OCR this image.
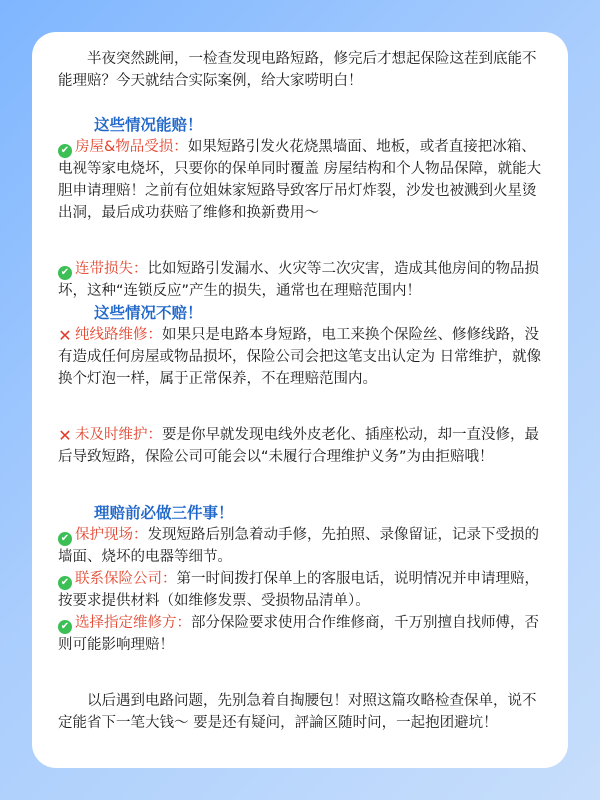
半夜突然跳闸，一检查发现电路短路，修完后才想起保险这茬到底能不能理赔？今天就结合实际案例，给大家唠明白！

这些情况能赔！

✔ 房屋&物品受损：如果短路引发火花烧黑墙面、地板，或者直接把冰箱、电视等家电烧坏，只要你的保单同时覆盖 房屋结构和个人物品保障，就能大胆申请理赔！之前有位姐妹家短路导致客厅吊灯炸裂，沙发也被溅到火星烫出洞，最后成功获赔了维修和换新费用～

✔ 连带损失：比如短路引发漏水、火灾等二次灾害，造成其他房间的物品损坏，这种“连锁反应”产生的损失，通常也在理赔范围内！

这些情况不赔！

✕ 纯线路维修：如果只是电路本身短路，电工来换个保险丝、修修线路，没有造成任何房屋或物品损坏，保险公司会把这笔支出认定为 日常维护，就像换个灯泡一样，属于正常保养，不在理赔范围内。

✕ 未及时维护：要是你早就发现电线外皮老化、插座松动，却一直没修，最后导致短路，保险公司可能会以“未履行合理维护义务”为由拒赔哦！

理赔前必做三件事！

✔ 保护现场：发现短路后别急着动手修，先拍照、录像留证，记录下受损的墙面、烧坏的电器等细节。

✔ 联系保险公司：第一时间拨打保单上的客服电话，说明情况并申请理赔，按要求提供材料（如维修发票、受损物品清单）。

✔ 选择指定维修方：部分保险要求使用合作维修商，千万别擅自找师傅，否则可能影响理赔！

以后遇到电路问题，先别急着自掏腰包！对照这篇攻略检查保单，说不定能省下一笔大钱～ 要是还有疑问，評論区随时问，一起抱团避坑！
